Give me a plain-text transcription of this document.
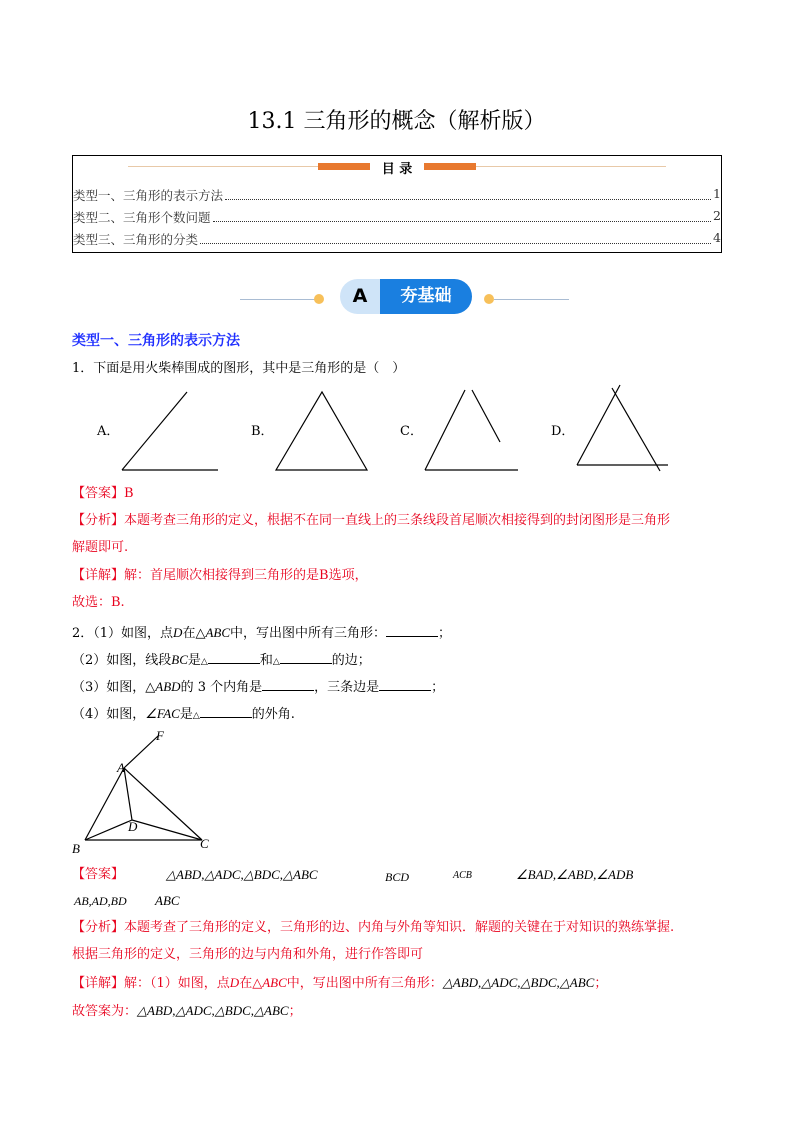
13.1 三角形的概念（解析版）
目 录
类型一、三角形的表示方法	1
类型二、三角形个数问题	2
类型三、三角形的分类	4
A	夯基础
类型一、三角形的表示方法
1．下面是用火柴棒围成的图形，其中是三角形的是（　）
A．	B．	C．	D．
【答案】B
【分析】本题考查三角形的定义，根据不在同一直线上的三条线段首尾顺次相接得到的封闭图形是三角形
解题即可.
【详解】解：首尾顺次相接得到三角形的是B选项，
故选：B.
2．（1）如图，点D在△ABC中，写出图中所有三角形：	；
（2）如图，线段BC是△	和△	的边；
（3）如图，△ABD的 3 个内角是	，三条边是	；
（4）如图，∠FAC是△	的外角.
A
F
B	C
D
【答案】	△ABD,△ADC,△BDC,△ABC	BCD	ACB	∠BAD,∠ABD,∠ADB
AB,AD,BD ABC
【分析】本题考查了三角形的定义，三角形的边、内角与外角等知识．解题的关键在于对知识的熟练掌握.
根据三角形的定义，三角形的边与内角和外角，进行作答即可
【详解】解：（1）如图，点D在△ABC中，写出图中所有三角形：△ABD,△ADC,△BDC,△ABC；
故答案为：△ABD,△ADC,△BDC,△ABC；
